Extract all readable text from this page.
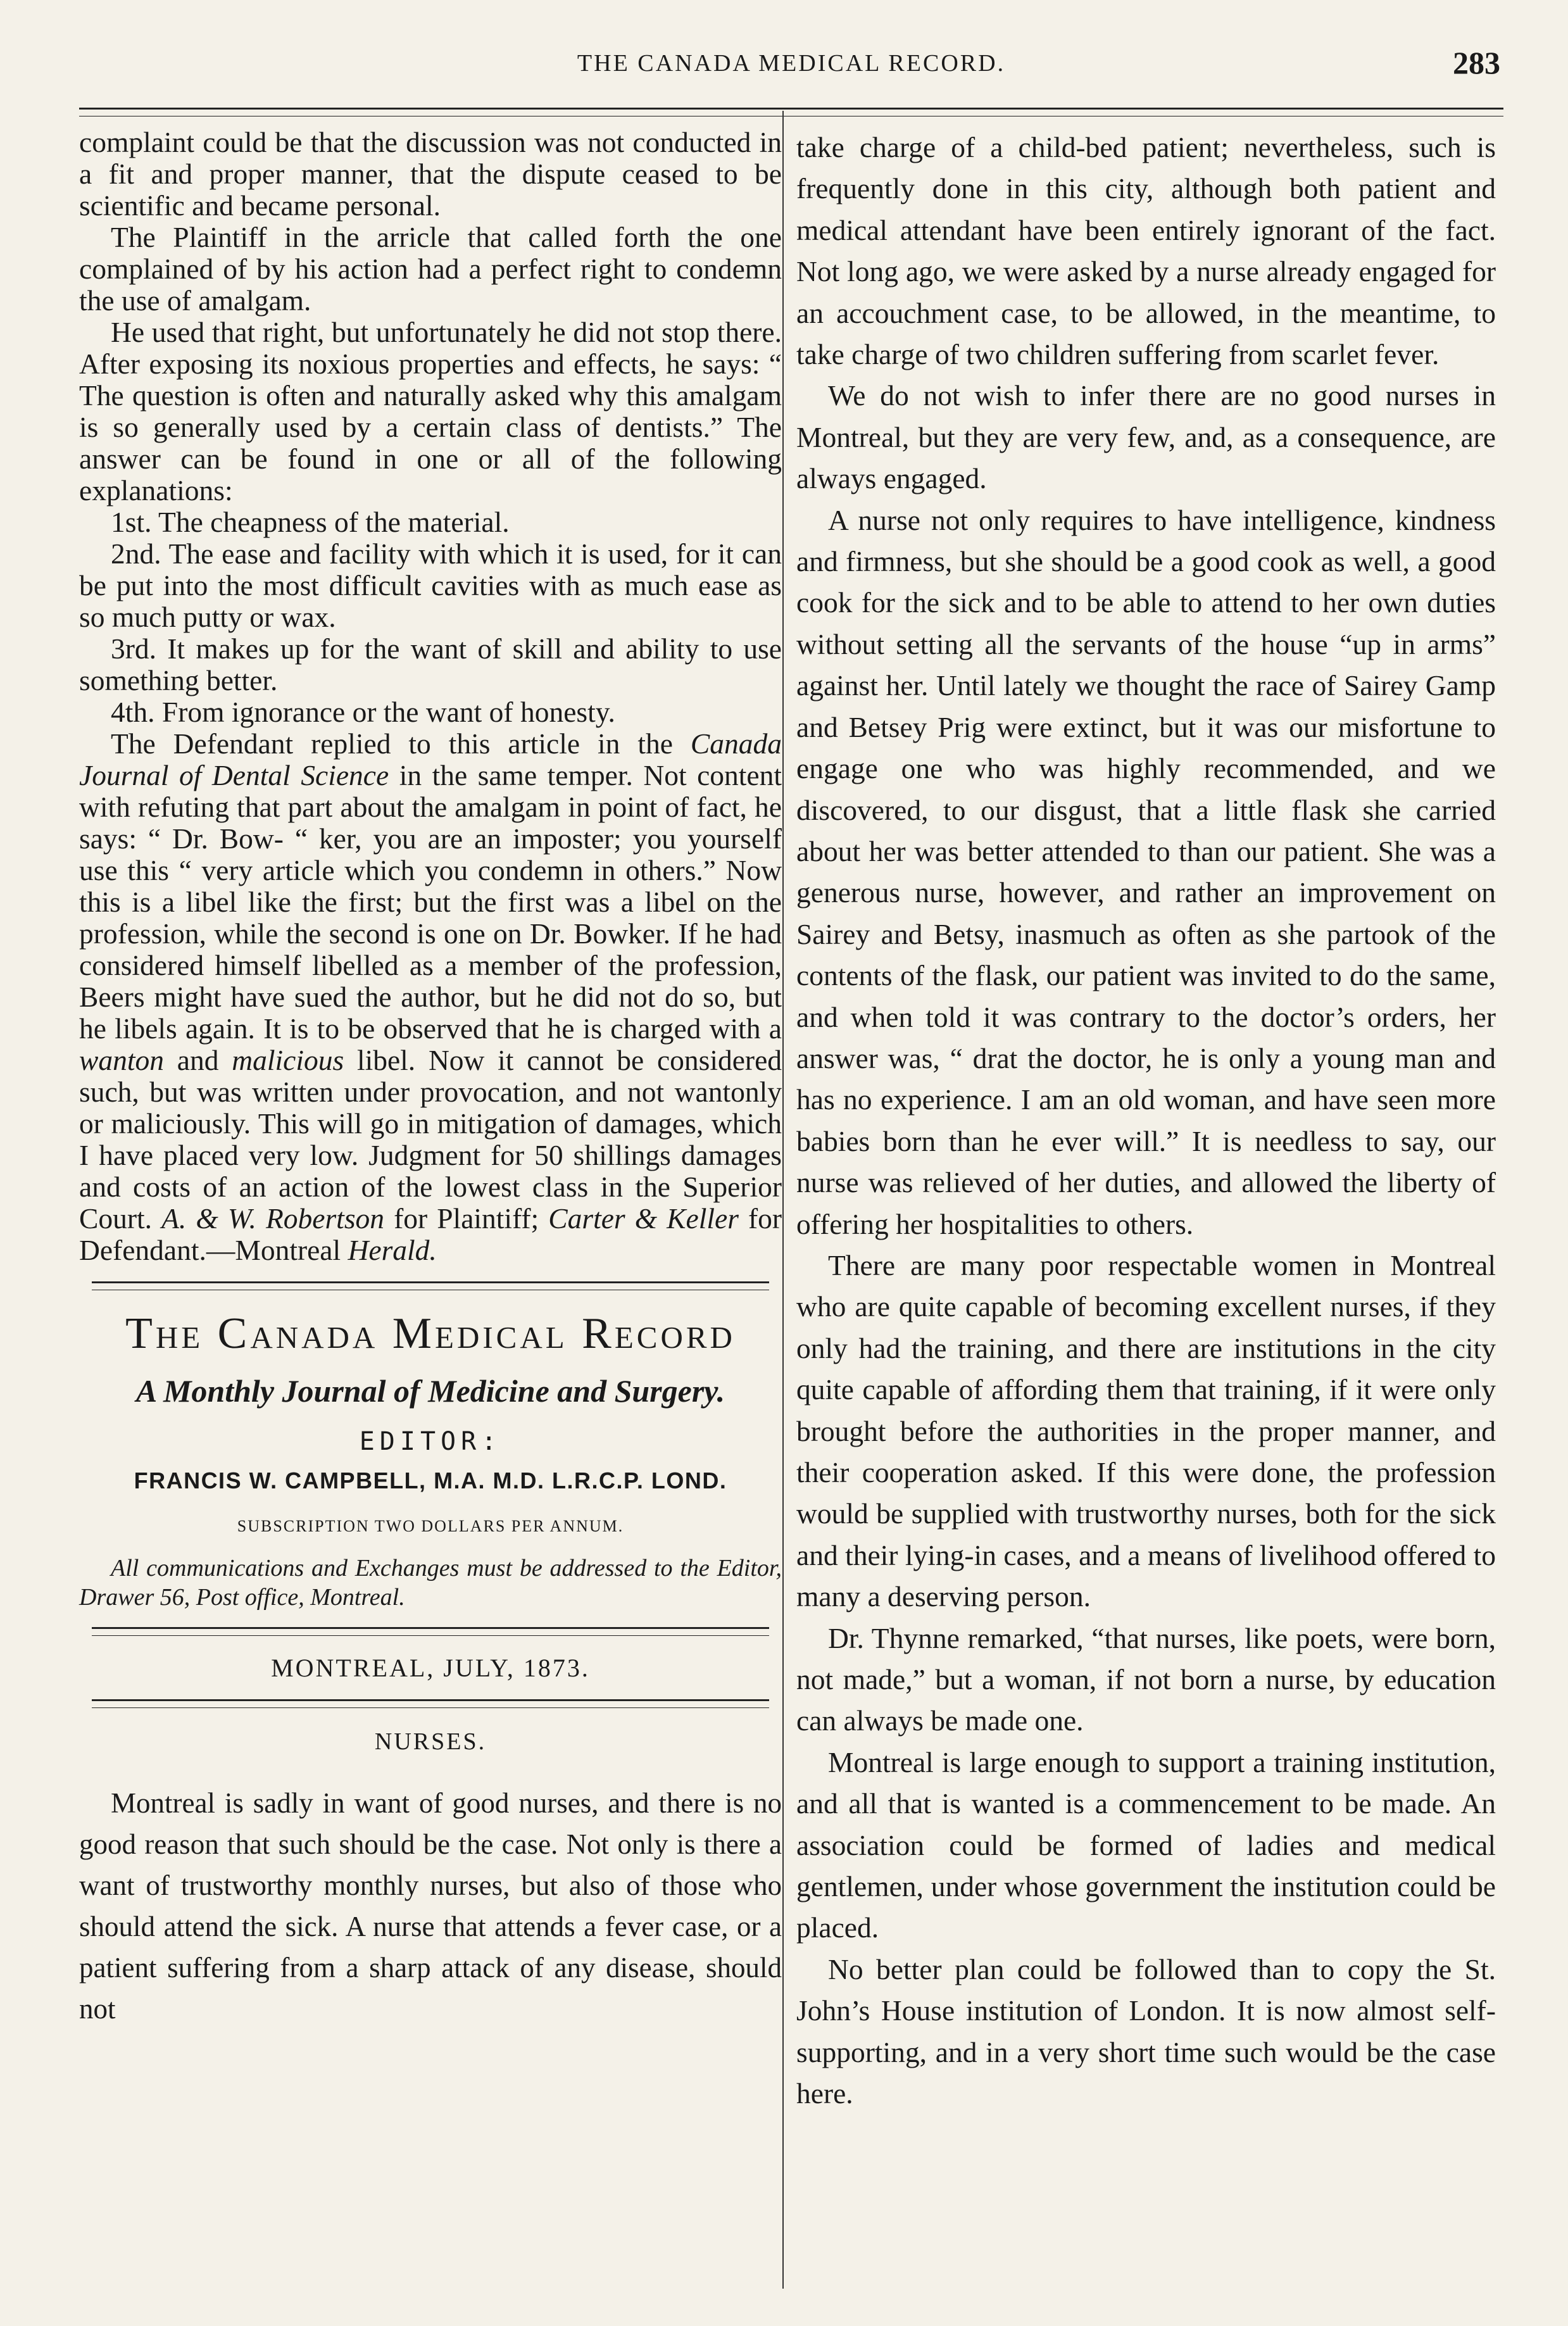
THE CANADA MEDICAL RECORD.	283

complaint could be that the discussion was not conducted in a fit and proper manner, that the dispute ceased to be scientific and became personal.

The Plaintiff in the arricle that called forth the one complained of by his action had a perfect right to condemn the use of amalgam.

He used that right, but unfortunately he did not stop there. After exposing its noxious properties and effects, he says: “ The question is often and naturally asked why this amalgam is so generally used by a certain class of dentists.” The answer can be found in one or all of the following explanations:

1st. The cheapness of the material.

2nd. The ease and facility with which it is used, for it can be put into the most difficult cavities with as much ease as so much putty or wax.

3rd. It makes up for the want of skill and ability to use something better.

4th. From ignorance or the want of honesty.

The Defendant replied to this article in the Canada Journal of Dental Science in the same temper. Not content with refuting that part about the amalgam in point of fact, he says: “ Dr. Bow- “ ker, you are an imposter; you yourself use this “ very article which you condemn in others.” Now this is a libel like the first; but the first was a libel on the profession, while the second is one on Dr. Bowker. If he had considered himself libelled as a member of the profession, Beers might have sued the author, but he did not do so, but he libels again. It is to be observed that he is charged with a wanton and malicious libel. Now it cannot be considered such, but was written under provocation, and not wantonly or maliciously. This will go in mitigation of damages, which I have placed very low. Judgment for 50 shillings damages and costs of an action of the lowest class in the Superior Court. A. & W. Robertson for Plaintiff; Carter & Keller for Defendant.—Montreal Herald.

The Canada Medical Record
A Monthly Journal of Medicine and Surgery.
EDITOR:
FRANCIS W. CAMPBELL, M.A. M.D. L.R.C.P. LOND.
SUBSCRIPTION TWO DOLLARS PER ANNUM.

All communications and Exchanges must be addressed to the Editor, Drawer 56, Post office, Montreal.

MONTREAL, JULY, 1873.
NURSES.

Montreal is sadly in want of good nurses, and there is no good reason that such should be the case. Not only is there a want of trustworthy monthly nurses, but also of those who should attend the sick. A nurse that attends a fever case, or a patient suffering from a sharp attack of any disease, should not

take charge of a child-bed patient; nevertheless, such is frequently done in this city, although both patient and medical attendant have been entirely ignorant of the fact. Not long ago, we were asked by a nurse already engaged for an accouchment case, to be allowed, in the meantime, to take charge of two children suffering from scarlet fever.

We do not wish to infer there are no good nurses in Montreal, but they are very few, and, as a consequence, are always engaged.

A nurse not only requires to have intelligence, kindness and firmness, but she should be a good cook as well, a good cook for the sick and to be able to attend to her own duties without setting all the servants of the house “up in arms” against her. Until lately we thought the race of Sairey Gamp and Betsey Prig were extinct, but it was our misfortune to engage one who was highly recommended, and we discovered, to our disgust, that a little flask she carried about her was better attended to than our patient. She was a generous nurse, however, and rather an improvement on Sairey and Betsy, inasmuch as often as she partook of the contents of the flask, our patient was invited to do the same, and when told it was contrary to the doctor’s orders, her answer was, “ drat the doctor, he is only a young man and has no experience. I am an old woman, and have seen more babies born than he ever will.” It is needless to say, our nurse was relieved of her duties, and allowed the liberty of offering her hospitalities to others.

There are many poor respectable women in Montreal who are quite capable of becoming excellent nurses, if they only had the training, and there are institutions in the city quite capable of affording them that training, if it were only brought before the authorities in the proper manner, and their cooperation asked. If this were done, the profession would be supplied with trustworthy nurses, both for the sick and their lying-in cases, and a means of livelihood offered to many a deserving person.

Dr. Thynne remarked, “that nurses, like poets, were born, not made,” but a woman, if not born a nurse, by education can always be made one.

Montreal is large enough to support a training institution, and all that is wanted is a commencement to be made. An association could be formed of ladies and medical gentlemen, under whose government the institution could be placed.

No better plan could be followed than to copy the St. John’s House institution of London. It is now almost self-supporting, and in a very short time such would be the case here.
